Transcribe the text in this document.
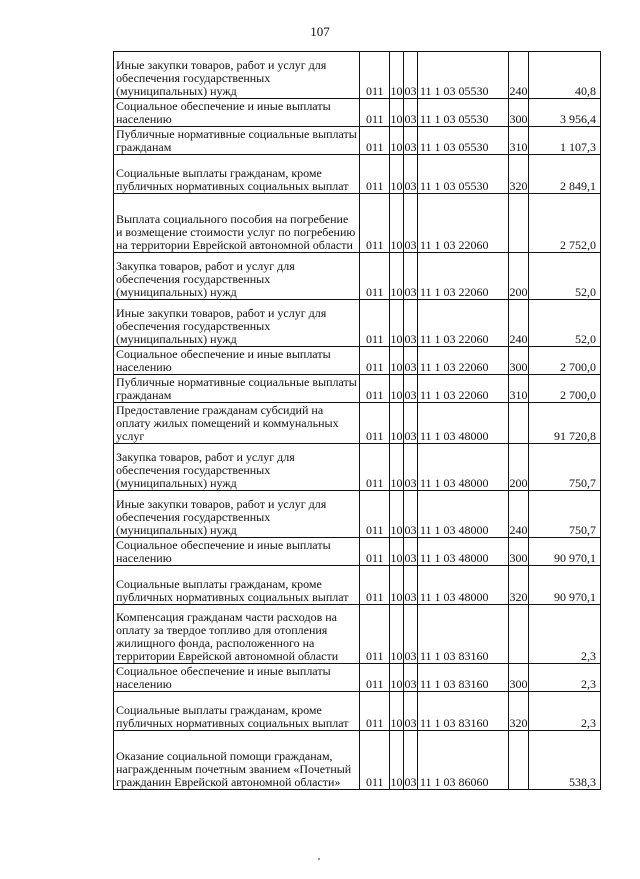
107
Иные закупки товаров, работ и услуг для обеспечения государственных (муниципальных) нужд	011	10	03	11 1 03 05530	240	40,8
Социальное обеспечение и иные выплаты населению	011	10	03	11 1 03 05530	300	3 956,4
Публичные нормативные социальные выплаты гражданам	011	10	03	11 1 03 05530	310	1 107,3
Социальные выплаты гражданам, кроме публичных нормативных социальных выплат	011	10	03	11 1 03 05530	320	2 849,1
Выплата социального пособия на погребение и возмещение стоимости услуг по погребению на территории Еврейской автономной области	011	10	03	11 1 03 22060		2 752,0
Закупка товаров, работ и услуг для обеспечения государственных (муниципальных) нужд	011	10	03	11 1 03 22060	200	52,0
Иные закупки товаров, работ и услуг для обеспечения государственных (муниципальных) нужд	011	10	03	11 1 03 22060	240	52,0
Социальное обеспечение и иные выплаты населению	011	10	03	11 1 03 22060	300	2 700,0
Публичные нормативные социальные выплаты гражданам	011	10	03	11 1 03 22060	310	2 700,0
Предоставление гражданам субсидий на оплату жилых помещений и коммунальных услуг	011	10	03	11 1 03 48000		91 720,8
Закупка товаров, работ и услуг для обеспечения государственных (муниципальных) нужд	011	10	03	11 1 03 48000	200	750,7
Иные закупки товаров, работ и услуг для обеспечения государственных (муниципальных) нужд	011	10	03	11 1 03 48000	240	750,7
Социальное обеспечение и иные выплаты населению	011	10	03	11 1 03 48000	300	90 970,1
Социальные выплаты гражданам, кроме публичных нормативных социальных выплат	011	10	03	11 1 03 48000	320	90 970,1
Компенсация гражданам части расходов на оплату за твердое топливо для отопления жилищного фонда, расположенного на территории Еврейской автономной области	011	10	03	11 1 03 83160		2,3
Социальное обеспечение и иные выплаты населению	011	10	03	11 1 03 83160	300	2,3
Социальные выплаты гражданам, кроме публичных нормативных социальных выплат	011	10	03	11 1 03 83160	320	2,3
Оказание социальной помощи гражданам, награжденным почетным званием «Почетный гражданин Еврейской автономной области»	011	10	03	11 1 03 86060		538,3
